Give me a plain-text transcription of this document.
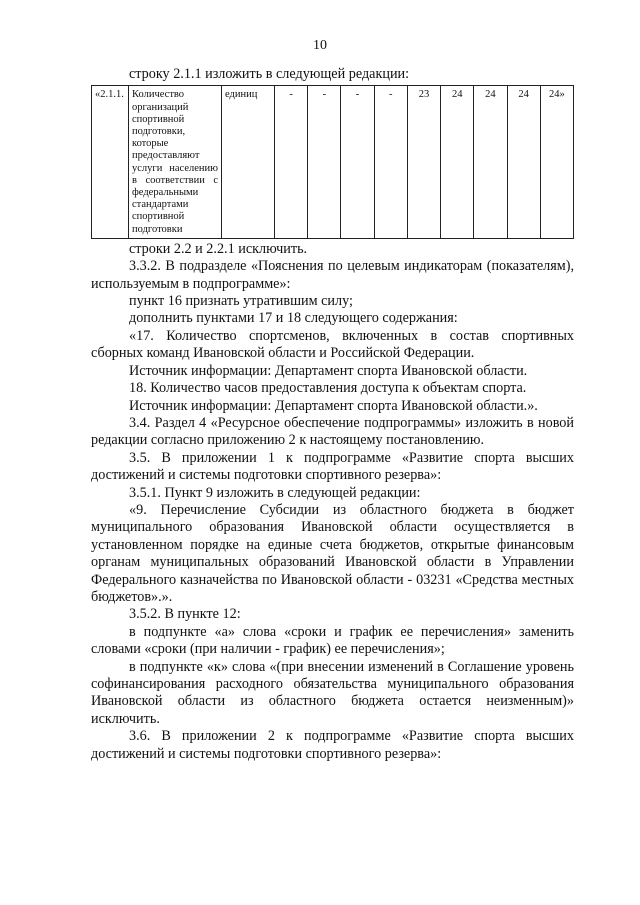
10

строку 2.1.1 изложить в следующей редакции:

«2.1.1.	Количество организаций спортивной подготовки, которые предоставляют услуги населению в соответствии с федеральными стандартами спортивной подготовки	единиц	-	-	-	-	23	24	24	24	24»

строки 2.2 и 2.2.1 исключить.

3.3.2. В подразделе «Пояснения по целевым индикаторам (показателям), используемым в подпрограмме»:

пункт 16 признать утратившим силу;

дополнить пунктами 17 и 18 следующего содержания:

«17. Количество спортсменов, включенных в состав спортивных сборных команд Ивановской области и Российской Федерации.

Источник информации: Департамент спорта Ивановской области.

18. Количество часов предоставления доступа к объектам спорта.

Источник информации: Департамент спорта Ивановской области.».

3.4. Раздел 4 «Ресурсное обеспечение подпрограммы» изложить в новой редакции согласно приложению 2 к настоящему постановлению.

3.5. В приложении 1 к подпрограмме «Развитие спорта высших достижений и системы подготовки спортивного резерва»:

3.5.1. Пункт 9 изложить в следующей редакции:

«9. Перечисление Субсидии из областного бюджета в бюджет муниципального образования Ивановской области осуществляется в установленном порядке на единые счета бюджетов, открытые финансовым органам муниципальных образований Ивановской области в Управлении Федерального казначейства по Ивановской области - 03231 «Средства местных бюджетов».».

3.5.2. В пункте 12:

в подпункте «а» слова «сроки и график ее перечисления» заменить словами «сроки (при наличии - график) ее перечисления»;

в подпункте «к» слова «(при внесении изменений в Соглашение уровень софинансирования расходного обязательства муниципального образования Ивановской области из областного бюджета остается неизменным)» исключить.

3.6. В приложении 2 к подпрограмме «Развитие спорта высших достижений и системы подготовки спортивного резерва»:
